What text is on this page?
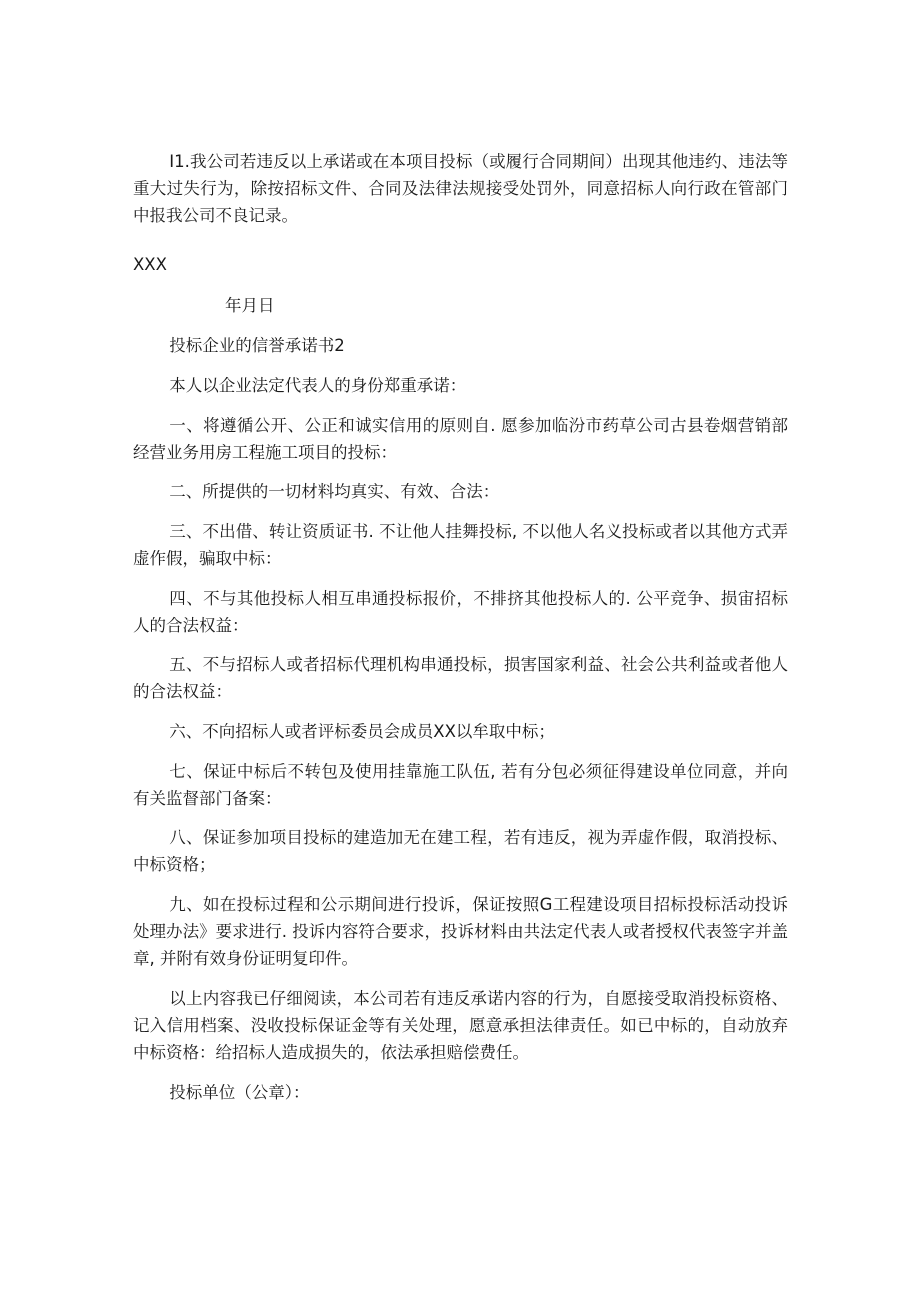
I1.我公司若违反以上承诺或在本项目投标（或履行合同期间）出现其他违约、违法等重大过失行为，除按招标文件、合同及法律法规接受处罚外，同意招标人向行政在管部门中报我公司不良记录。

XXX

年月日

投标企业的信誉承诺书2

本人以企业法定代表人的身份郑重承诺：

一、将遵循公开、公正和诚实信用的原则自. 愿参加临汾市药草公司古县卷烟营销部经营业务用房工程施工项目的投标：

二、所提供的一切材料均真实、有效、合法：

三、不出借、转让资质证书. 不让他人挂舞投标, 不以他人名义投标或者以其他方式弄虚作假，骗取中标：

四、不与其他投标人相互串通投标报价，不排挤其他投标人的. 公平竞争、损宙招标人的合法权益：

五、不与招标人或者招标代理机构串通投标，损害国家利益、社会公共利益或者他人的合法权益：

六、不向招标人或者评标委员会成员XX以牟取中标；

七、保证中标后不转包及使用挂靠施工队伍, 若有分包必须征得建设单位同意，并向有关监督部门备案：

八、保证参加项目投标的建造加无在建工程，若有违反，视为弄虚作假，取消投标、中标资格；

九、如在投标过程和公示期间进行投诉，保证按照G工程建设项目招标投标活动投诉处理办法》要求进行. 投诉内容符合要求，投诉材料由共法定代表人或者授权代表签字并盖章, 并附有效身份证明复印件。

以上内容我已仔细阅读，本公司若有违反承诺内容的行为，自愿接受取消投标资格、记入信用档案、没收投标保证金等有关处理，愿意承担法律责任。如已中标的，自动放弃中标资格：给招标人造成损失的，依法承担赔偿费任。

投标单位（公章）：
